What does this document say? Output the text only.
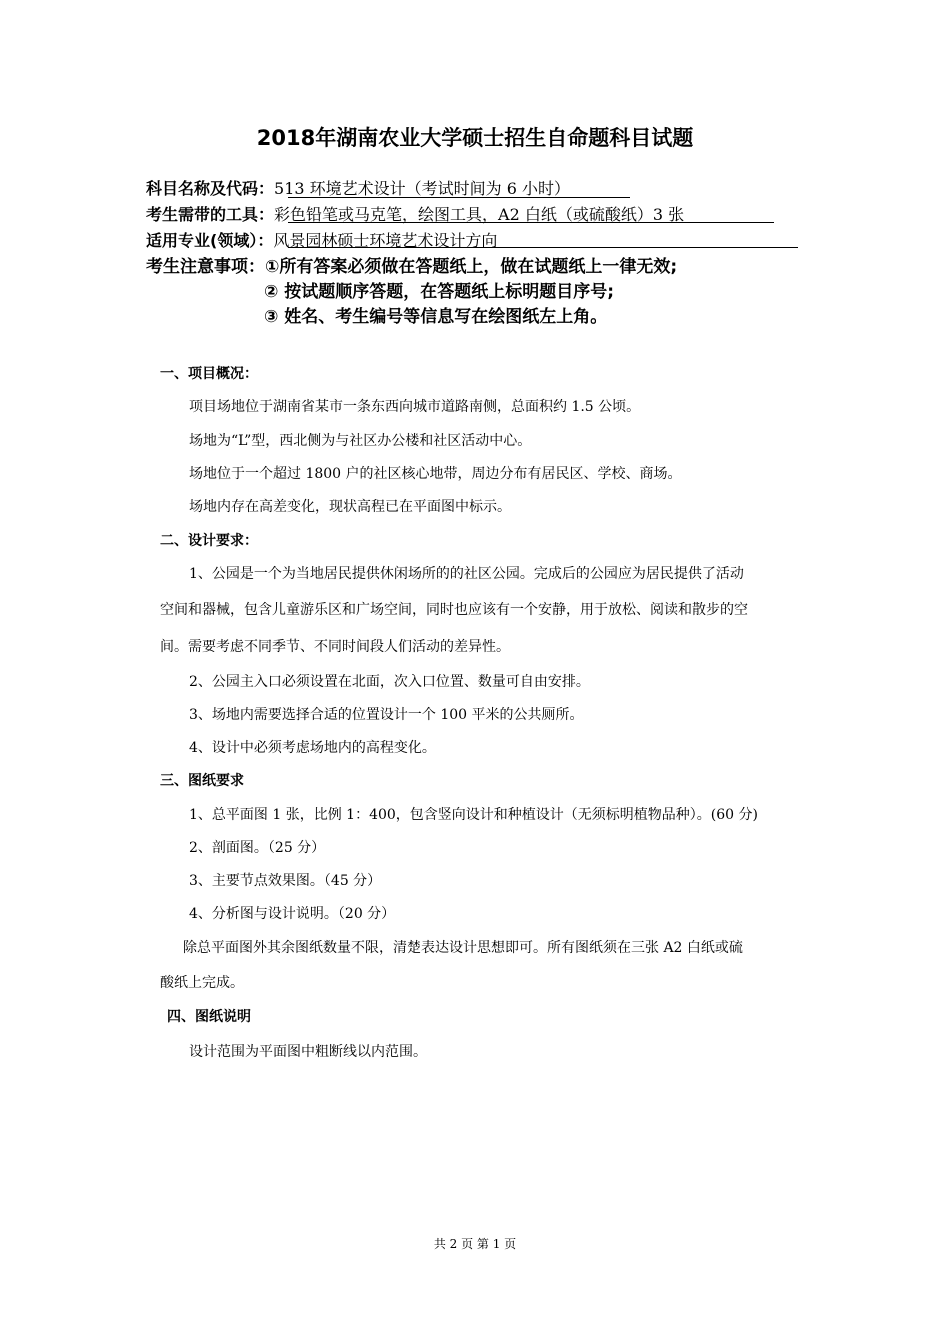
2018年湖南农业大学硕士招生自命题科目试题
科目名称及代码：513 环境艺术设计（考试时间为 6 小时）
考生需带的工具：彩色铅笔或马克笔，绘图工具，A2 白纸（或硫酸纸）3 张
适用专业(领域）：风景园林硕士环境艺术设计方向
考生注意事项：①所有答案必须做在答题纸上，做在试题纸上一律无效;
② 按试题顺序答题，在答题纸上标明题目序号;
③ 姓名、考生编号等信息写在绘图纸左上角。
一、项目概况：
项目场地位于湖南省某市一条东西向城市道路南侧，总面积约 1.5 公顷。
场地为“L”型，西北侧为与社区办公楼和社区活动中心。
场地位于一个超过 1800 户的社区核心地带，周边分布有居民区、学校、商场。
场地内存在高差变化，现状高程已在平面图中标示。
二、设计要求：
1、公园是一个为当地居民提供休闲场所的的社区公园。完成后的公园应为居民提供了活动
空间和器械，包含儿童游乐区和广场空间，同时也应该有一个安静，用于放松、阅读和散步的空
间。需要考虑不同季节、不同时间段人们活动的差异性。
2、公园主入口必须设置在北面，次入口位置、数量可自由安排。
3、场地内需要选择合适的位置设计一个 100 平米的公共厕所。
4、设计中必须考虑场地内的高程变化。
三、图纸要求
1、总平面图 1 张，比例 1：400，包含竖向设计和种植设计（无须标明植物品种）。(60 分)
2、剖面图。（25 分）
3、主要节点效果图。（45 分）
4、分析图与设计说明。（20 分）
除总平面图外其余图纸数量不限，清楚表达设计思想即可。所有图纸须在三张 A2 白纸或硫
酸纸上完成。
四、图纸说明
设计范围为平面图中粗断线以内范围。
共 2 页 第 1 页
